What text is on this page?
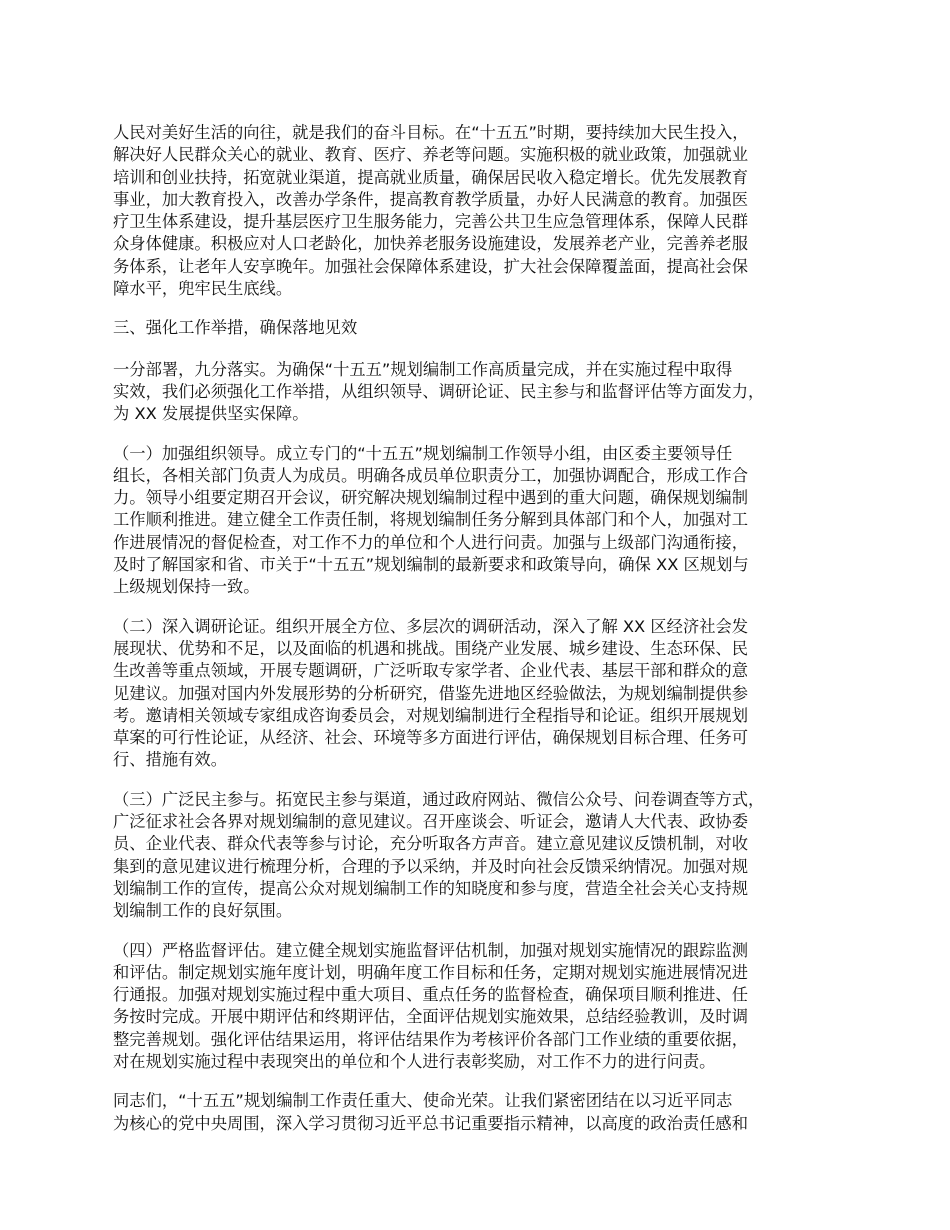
人民对美好生活的向往，就是我们的奋斗目标。在“十五五”时期，要持续加大民生投入，
解决好人民群众关心的就业、教育、医疗、养老等问题。实施积极的就业政策，加强就业
培训和创业扶持，拓宽就业渠道，提高就业质量，确保居民收入稳定增长。优先发展教育
事业，加大教育投入，改善办学条件，提高教育教学质量，办好人民满意的教育。加强医
疗卫生体系建设，提升基层医疗卫生服务能力，完善公共卫生应急管理体系，保障人民群
众身体健康。积极应对人口老龄化，加快养老服务设施建设，发展养老产业，完善养老服
务体系，让老年人安享晚年。加强社会保障体系建设，扩大社会保障覆盖面，提高社会保
障水平，兜牢民生底线。

三、强化工作举措，确保落地见效

一分部署，九分落实。为确保“十五五”规划编制工作高质量完成，并在实施过程中取得
实效，我们必须强化工作举措，从组织领导、调研论证、民主参与和监督评估等方面发力，
为 XX 发展提供坚实保障。

（一）加强组织领导。成立专门的“十五五”规划编制工作领导小组，由区委主要领导任
组长，各相关部门负责人为成员。明确各成员单位职责分工，加强协调配合，形成工作合
力。领导小组要定期召开会议，研究解决规划编制过程中遇到的重大问题，确保规划编制
工作顺利推进。建立健全工作责任制，将规划编制任务分解到具体部门和个人，加强对工
作进展情况的督促检查，对工作不力的单位和个人进行问责。加强与上级部门沟通衔接，
及时了解国家和省、市关于“十五五”规划编制的最新要求和政策导向，确保 XX 区规划与
上级规划保持一致。

（二）深入调研论证。组织开展全方位、多层次的调研活动，深入了解 XX 区经济社会发
展现状、优势和不足，以及面临的机遇和挑战。围绕产业发展、城乡建设、生态环保、民
生改善等重点领域，开展专题调研，广泛听取专家学者、企业代表、基层干部和群众的意
见建议。加强对国内外发展形势的分析研究，借鉴先进地区经验做法，为规划编制提供参
考。邀请相关领域专家组成咨询委员会，对规划编制进行全程指导和论证。组织开展规划
草案的可行性论证，从经济、社会、环境等多方面进行评估，确保规划目标合理、任务可
行、措施有效。

（三）广泛民主参与。拓宽民主参与渠道，通过政府网站、微信公众号、问卷调查等方式，
广泛征求社会各界对规划编制的意见建议。召开座谈会、听证会，邀请人大代表、政协委
员、企业代表、群众代表等参与讨论，充分听取各方声音。建立意见建议反馈机制，对收
集到的意见建议进行梳理分析，合理的予以采纳，并及时向社会反馈采纳情况。加强对规
划编制工作的宣传，提高公众对规划编制工作的知晓度和参与度，营造全社会关心支持规
划编制工作的良好氛围。

（四）严格监督评估。建立健全规划实施监督评估机制，加强对规划实施情况的跟踪监测
和评估。制定规划实施年度计划，明确年度工作目标和任务，定期对规划实施进展情况进
行通报。加强对规划实施过程中重大项目、重点任务的监督检查，确保项目顺利推进、任
务按时完成。开展中期评估和终期评估，全面评估规划实施效果，总结经验教训，及时调
整完善规划。强化评估结果运用，将评估结果作为考核评价各部门工作业绩的重要依据，
对在规划实施过程中表现突出的单位和个人进行表彰奖励，对工作不力的进行问责。

同志们，“十五五”规划编制工作责任重大、使命光荣。让我们紧密团结在以习近平同志
为核心的党中央周围，深入学习贯彻习近平总书记重要指示精神，以高度的政治责任感和
